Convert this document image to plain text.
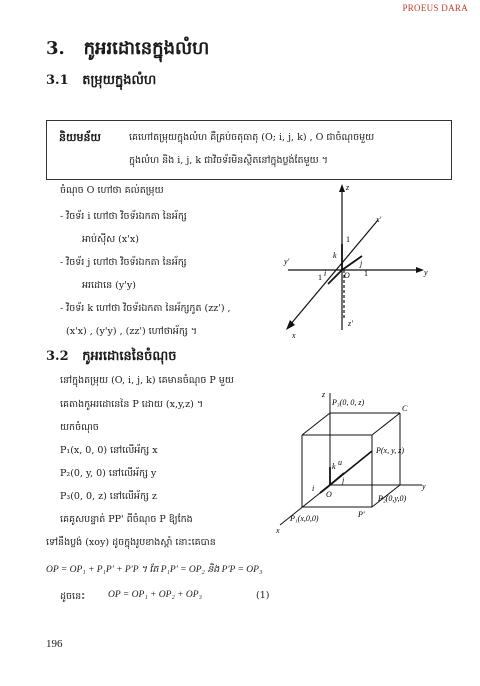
PROEUS DARA
3. កូអរដោនេក្នុងលំហ
3.1 តម្រុយក្នុងលំហ
និយមន័យ	គេហៅតម្រុយក្នុងលំហ គឺគ្រប់ចតុធាតុ (O; i, j, k) , O ជាចំណុចមួយ
ក្នុងលំហ និង i, j, k ជាវិចទ័រមិនស្ថិតនៅក្នុងប្លង់តែមួយ ។
ចំណុច O ហៅថា គល់តម្រុយ
- វិចទ័រ i ហៅថា វិចទ័រឯកតា នៃអ័ក្ស
អាប់ស៊ីស (x'x)
- វិចទ័រ j ហៅថា វិចទ័រឯកតា នៃអ័ក្ស
អរដោនេ (y'y)
- វិចទ័រ k ហៅថា វិចទ័រឯកតា នៃអ័ក្សកូត (zz') ,
(x'x) , (y'y) , (zz') ហៅថាអ័ក្ស ។
z
x'
y'
y
x
z'
O
1
1
1
k
j
i
3.2 កូអរដោនេនៃចំណុច
នៅក្នុងតម្រុយ (O, i, j, k) គេមានចំណុច P មួយ
គេតាងកូអរដោនេនៃ P ដោយ (x,y,z) ។
យកចំណុច
P₁(x, 0, 0) នៅលើអ័ក្ស x
P₂(0, y, 0) នៅលើអ័ក្ស y
P₃(0, 0, z) នៅលើអ័ក្ស z
គេគូសបន្ទាត់ PP' ពីចំណុច P ឱ្យកែង
ទៅនឹងប្លង់ (xoy) ដូចក្នុងរូបខាងស្តាំ នោះគេបាន
z
P₃(0, 0, z)
C
P(x, y, z)
k u
j
i
O
y
P₂(0,y,0)
P'
P₁(x,0,0)
x
OP = OP₁ + P₁P' + P'P ។ តែ P₁P' = OP₂ និង P'P = OP₃
ដូចនេះ OP = OP₁ + OP₂ + OP₃	(1)
196
